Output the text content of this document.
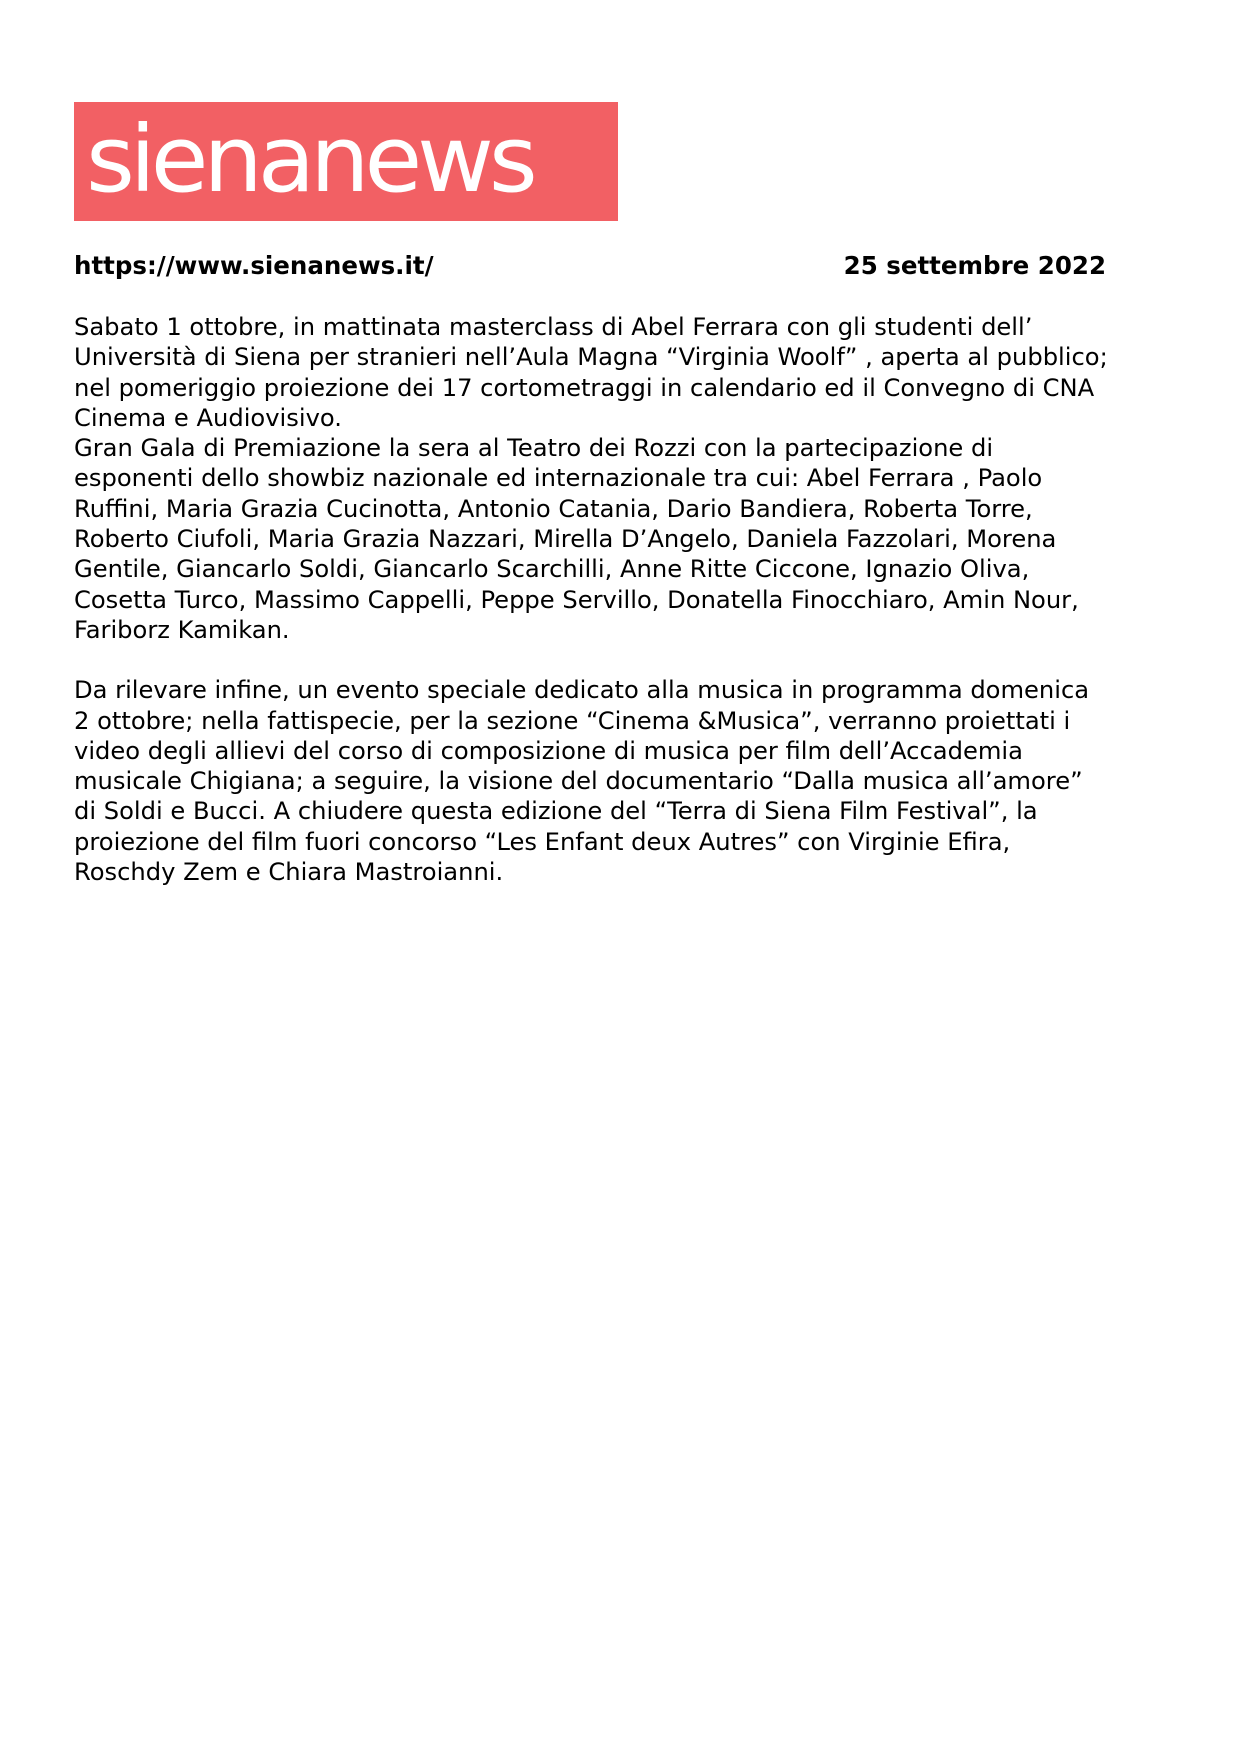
sienanews
https://www.sienanews.it/	25 settembre 2022

Sabato 1 ottobre, in mattinata masterclass di Abel Ferrara con gli studenti dell’ Università di Siena per stranieri nell’Aula Magna “Virginia Woolf” , aperta al pubblico; nel pomeriggio proiezione dei 17 cortometraggi in calendario ed il Convegno di CNA Cinema e Audiovisivo.

Gran Gala di Premiazione la sera al Teatro dei Rozzi con la partecipazione di esponenti dello showbiz nazionale ed internazionale tra cui: Abel Ferrara , Paolo Ruffini, Maria Grazia Cucinotta, Antonio Catania, Dario Bandiera, Roberta Torre, Roberto Ciufoli, Maria Grazia Nazzari, Mirella D’Angelo, Daniela Fazzolari, Morena Gentile, Giancarlo Soldi, Giancarlo Scarchilli, Anne Ritte Ciccone, Ignazio Oliva, Cosetta Turco, Massimo Cappelli, Peppe Servillo, Donatella Finocchiaro, Amin Nour, Fariborz Kamikan.

Da rilevare infine, un evento speciale dedicato alla musica in programma domenica 2 ottobre; nella fattispecie, per la sezione “Cinema &Musica”, verranno proiettati i video degli allievi del corso di composizione di musica per film dell’Accademia musicale Chigiana; a seguire, la visione del documentario “Dalla musica all’amore” di Soldi e Bucci. A chiudere questa edizione del “Terra di Siena Film Festival”, la proiezione del film fuori concorso “Les Enfant deux Autres” con Virginie Efira, Roschdy Zem e Chiara Mastroianni.
